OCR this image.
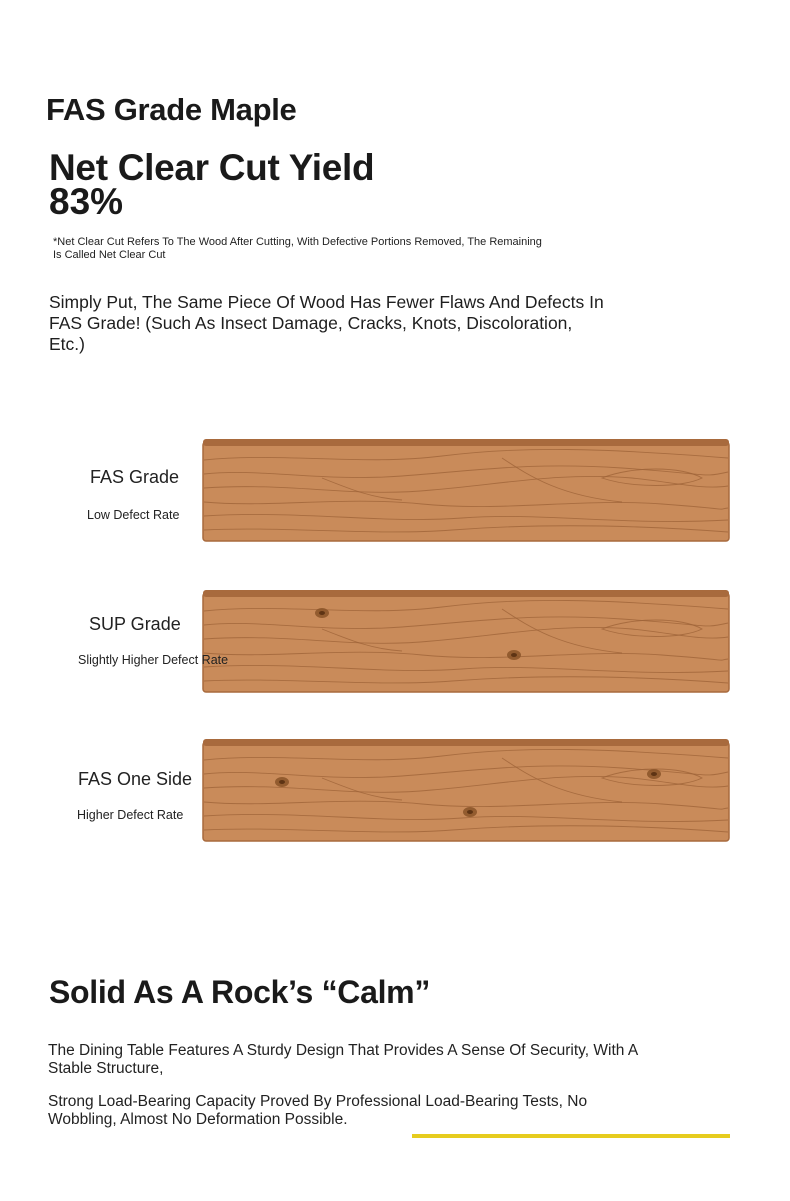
FAS Grade Maple
Net Clear Cut Yield
83%
*Net Clear Cut Refers To The Wood After Cutting, With Defective Portions Removed, The Remaining Is Called Net Clear Cut
Simply Put, The Same Piece Of Wood Has Fewer Flaws And Defects In FAS Grade! (Such As Insect Damage, Cracks, Knots, Discoloration, Etc.)
FAS Grade
Low Defect Rate
SUP Grade
Slightly Higher Defect Rate
FAS One Side
Higher Defect Rate
Solid As A Rock’s “Calm”
The Dining Table Features A Sturdy Design That Provides A Sense Of Security, With A Stable Structure,
Strong Load-Bearing Capacity Proved By Professional Load-Bearing Tests, No Wobbling, Almost No Deformation Possible.
